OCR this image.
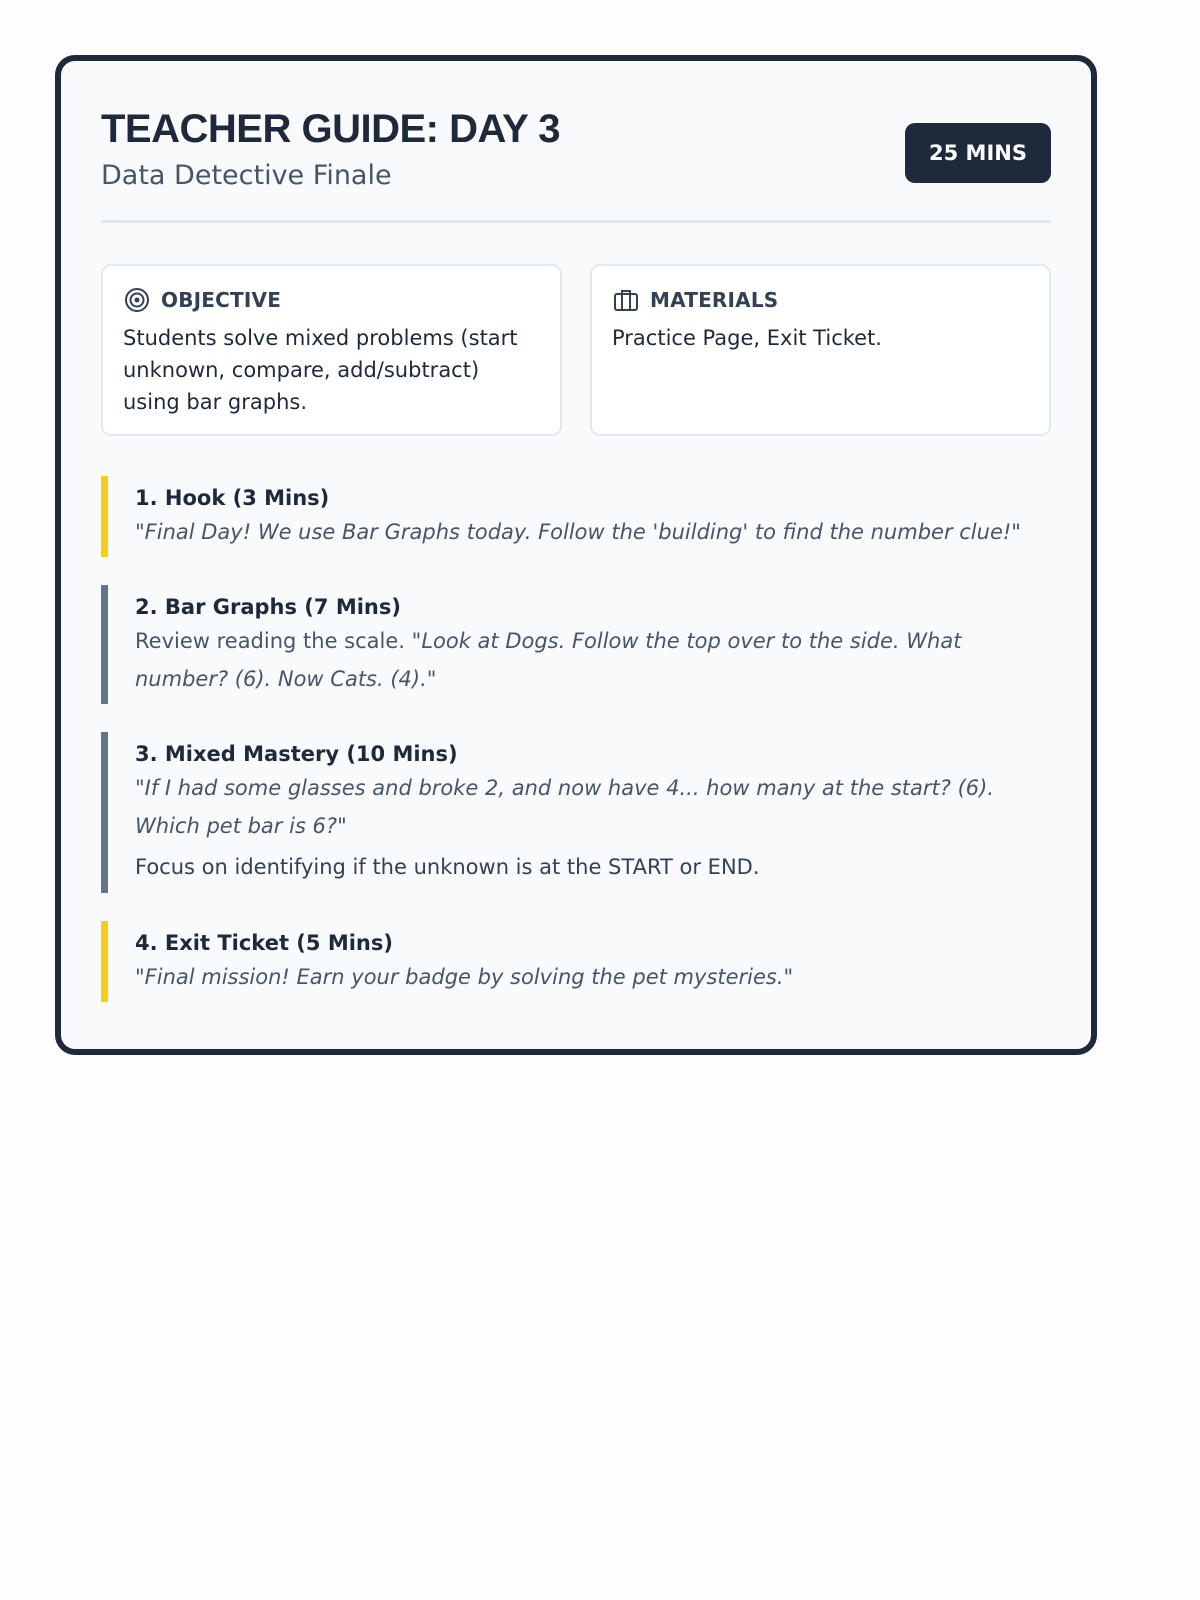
TEACHER GUIDE: DAY 3
Data Detective Finale
25 MINS
OBJECTIVE
Students solve mixed problems (start unknown, compare, add/subtract) using bar graphs.
MATERIALS
Practice Page, Exit Ticket.
1. Hook (3 Mins)
"Final Day! We use Bar Graphs today. Follow the 'building' to find the number clue!"
2. Bar Graphs (7 Mins)
Review reading the scale. "Look at Dogs. Follow the top over to the side. What number? (6). Now Cats. (4)."
3. Mixed Mastery (10 Mins)
"If I had some glasses and broke 2, and now have 4... how many at the start? (6). Which pet bar is 6?"
Focus on identifying if the unknown is at the START or END.
4. Exit Ticket (5 Mins)
"Final mission! Earn your badge by solving the pet mysteries."
